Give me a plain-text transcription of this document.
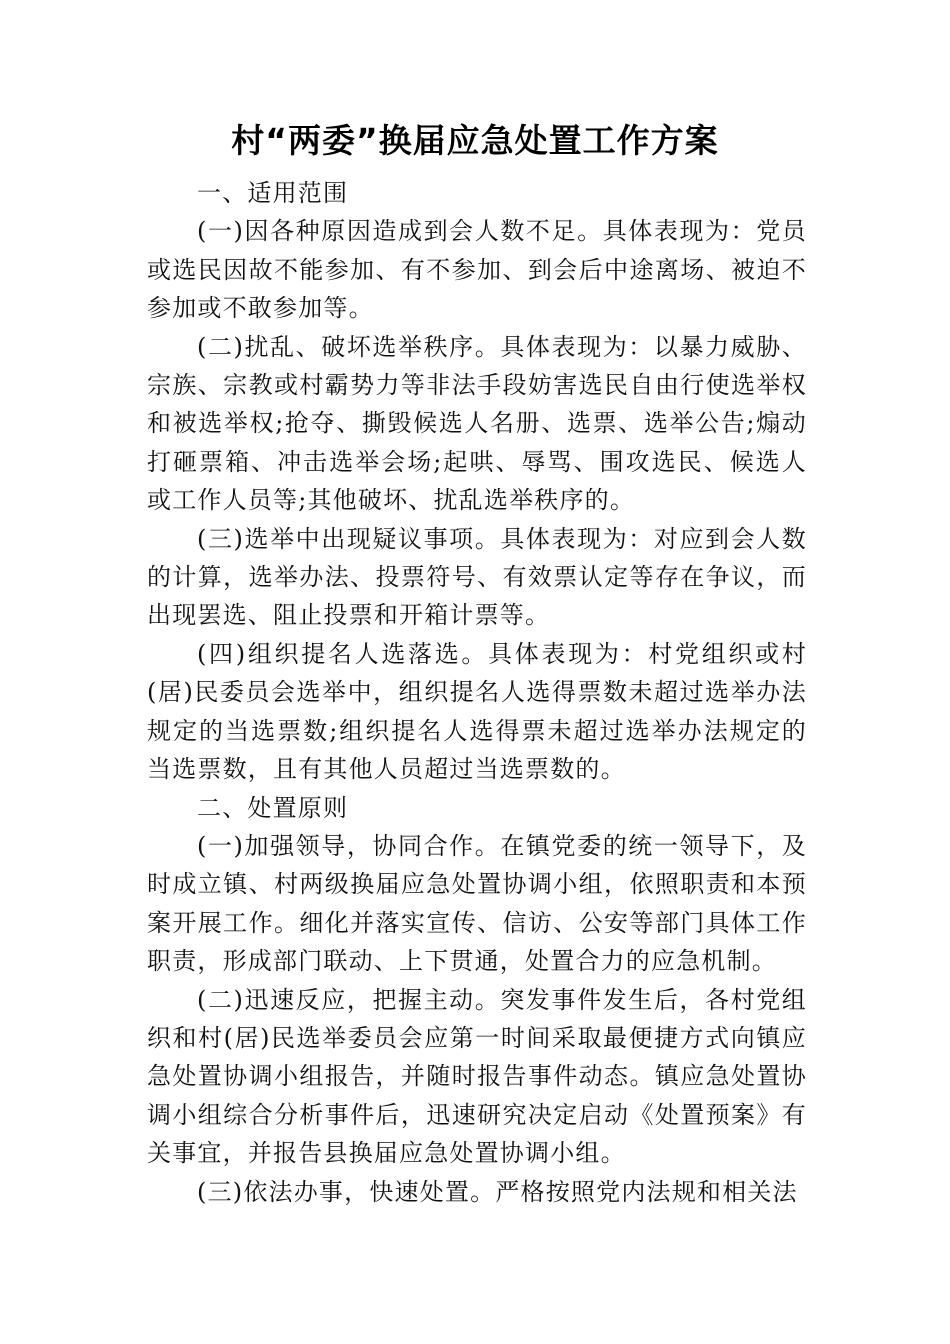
村“两委”换届应急处置工作方案

一、适用范围

(一)因各种原因造成到会人数不足。具体表现为：党员或选民因故不能参加、有不参加、到会后中途离场、被迫不参加或不敢参加等。

(二)扰乱、破坏选举秩序。具体表现为：以暴力威胁、宗族、宗教或村霸势力等非法手段妨害选民自由行使选举权和被选举权;抢夺、撕毁候选人名册、选票、选举公告;煽动打砸票箱、冲击选举会场;起哄、辱骂、围攻选民、候选人或工作人员等;其他破坏、扰乱选举秩序的。

(三)选举中出现疑议事项。具体表现为：对应到会人数的计算，选举办法、投票符号、有效票认定等存在争议，而出现罢选、阻止投票和开箱计票等。

(四)组织提名人选落选。具体表现为：村党组织或村(居)民委员会选举中，组织提名人选得票数未超过选举办法规定的当选票数;组织提名人选得票未超过选举办法规定的当选票数，且有其他人员超过当选票数的。

二、处置原则

(一)加强领导，协同合作。在镇党委的统一领导下，及时成立镇、村两级换届应急处置协调小组，依照职责和本预案开展工作。细化并落实宣传、信访、公安等部门具体工作职责，形成部门联动、上下贯通，处置合力的应急机制。

(二)迅速反应，把握主动。突发事件发生后，各村党组织和村(居)民选举委员会应第一时间采取最便捷方式向镇应急处置协调小组报告，并随时报告事件动态。镇应急处置协调小组综合分析事件后，迅速研究决定启动《处置预案》有关事宜，并报告县换届应急处置协调小组。

(三)依法办事，快速处置。严格按照党内法规和相关法
